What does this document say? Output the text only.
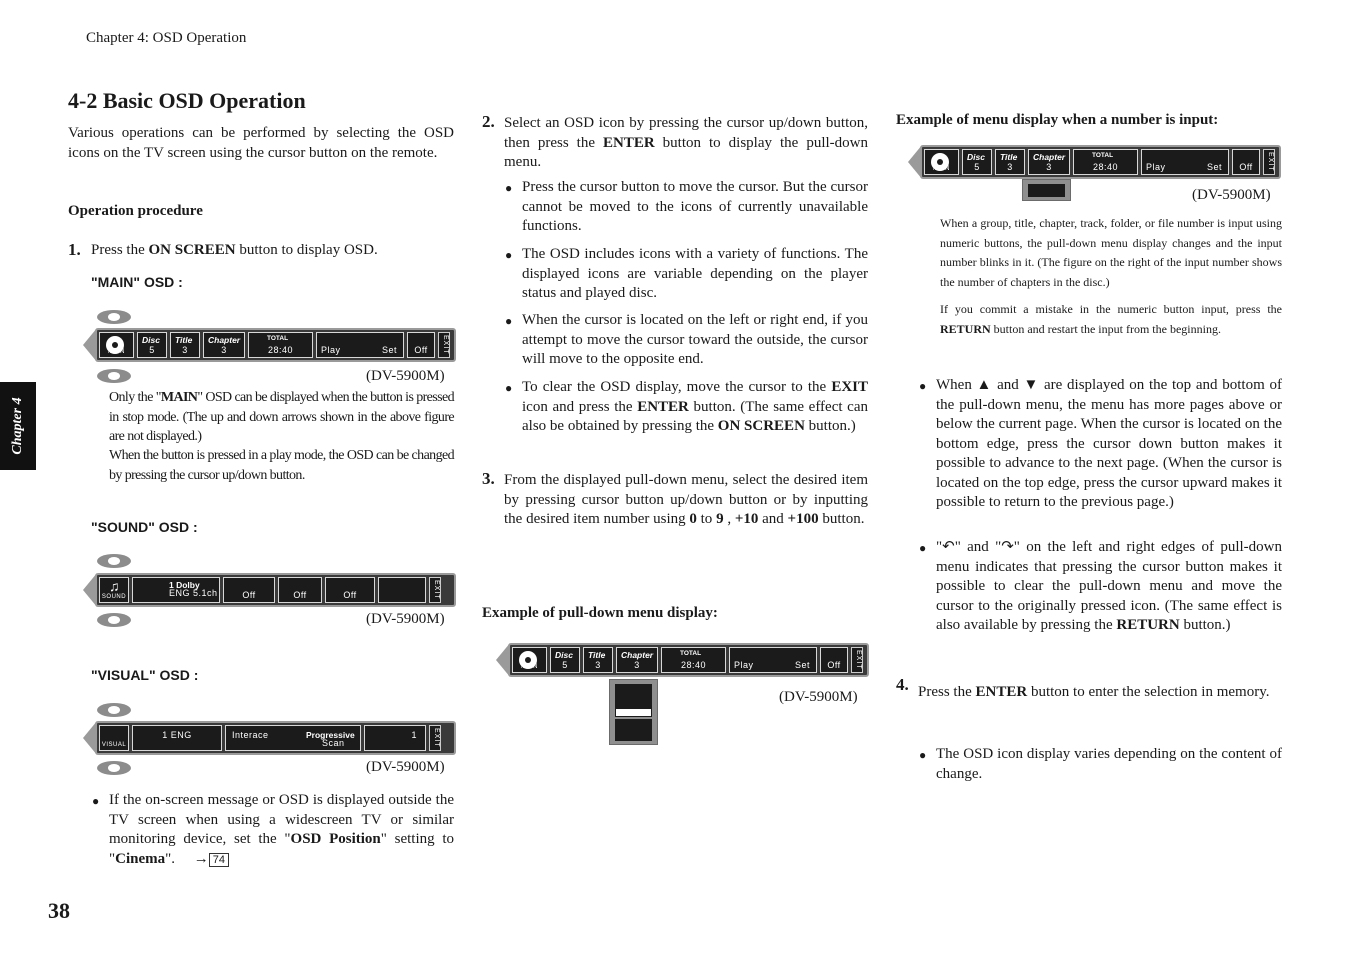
Chapter 4: OSD Operation
Chapter 4
38
4-2 Basic OSD Operation
Various operations can be performed by selecting the OSD icons on the TV screen using the cursor button on the remote.
Operation procedure
1. Press the ON SCREEN button to display OSD.
"MAIN" OSD :
MAIN
Disc
5
Title
3
Chapter
3
TOTAL
28:40	Play	Set	Off	EXIT
(DV-5900M)
Only the "MAIN" OSD can be displayed when the button is pressed in stop mode. (The up and down arrows shown in the above figure are not displayed.)
When the button is pressed in a play mode, the OSD can be changed by pressing the cursor up/down button.
"SOUND" OSD :
♫
SOUND
1 Dolby
ENG 5.1ch	Off	Off	Off	EXIT
(DV-5900M)
"VISUAL" OSD :
VISUAL
1 ENG	Interace	Progressive
Scan
1	EXIT
(DV-5900M)
● If the on-screen message or OSD is displayed outside the TV screen when using a widescreen TV or similar monitoring device, set the "OSD Position" setting to "Cinema".     → 74
2. Select an OSD icon by pressing the cursor up/down button, then press the ENTER button to display the pull-down menu.
● Press the cursor button to move the cursor. But the cursor cannot be moved to the icons of currently unavailable functions.
● The OSD includes icons with a variety of functions. The displayed icons are variable depending on the player status and played disc.
● When the cursor is located on the left or right end, if you attempt to move the cursor toward the outside, the cursor will move to the opposite end.
● To clear the OSD display, move the cursor to the EXIT icon and press the ENTER button. (The same effect can also be obtained by pressing the ON SCREEN button.)
3. From the displayed pull-down menu, select the desired item by pressing cursor button up/down button or by inputting the desired item number using 0 to 9 , +10 and +100 button.
Example of pull-down menu display:
MAIN
Disc
5
Title
3
Chapter
3
TOTAL
28:40	Play	Set	Off	EXIT
(DV-5900M)
Example of menu display when a number is input:
MAIN
Disc
5
Title
3
Chapter
3
TOTAL
28:40	Play	Set	Off	EXIT
(DV-5900M)
When a group, title, chapter, track, folder, or file number is input using numeric buttons, the pull-down menu display changes and the input number blinks in it. (The figure on the right of the input number shows the number of chapters in the disc.)
If you commit a mistake in the numeric button input, press the RETURN button and restart the input from the beginning.
● When ▲ and ▼ are displayed on the top and bottom of the pull-down menu, the menu has more pages above or below the current page. When the cursor is located on the bottom edge, press the cursor down button makes it possible to advance to the next page. (When the cursor is located on the top edge, press the cursor upward makes it possible to return to the previous page.)
● "↶" and "↷" on the left and right edges of pull-down menu indicates that pressing the cursor button makes it possible to clear the pull-down menu and move the cursor to the originally pressed icon. (The same effect is also available by pressing the RETURN button.)
4. Press the ENTER button to enter the selection in memory.
● The OSD icon display varies depending on the content of change.
